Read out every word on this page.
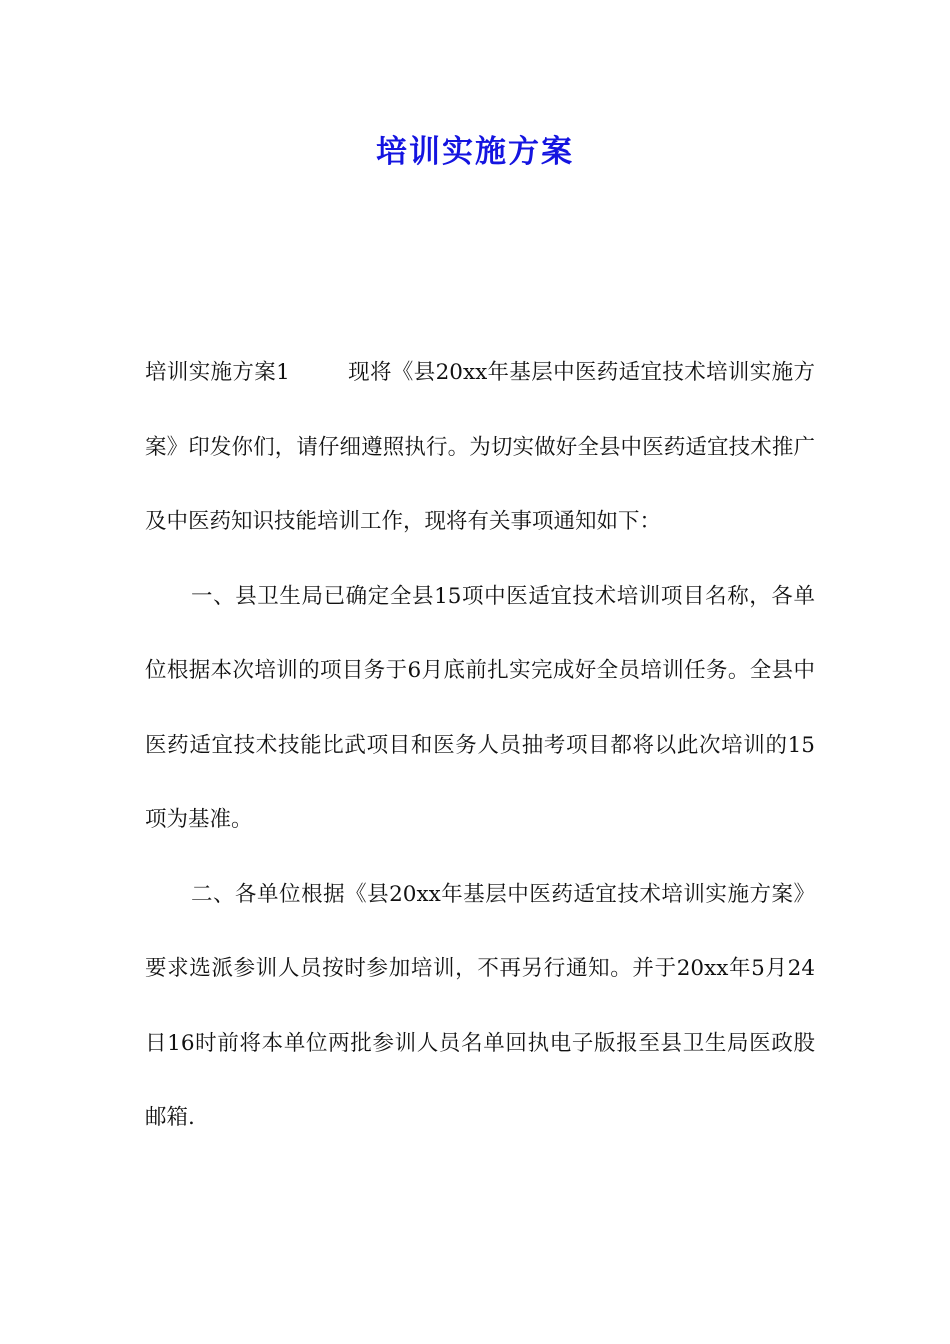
培训实施方案

培训实施方案1	现将《县20xx年基层中医药适宜技术培训实施方案》印发你们，请仔细遵照执行。为切实做好全县中医药适宜技术推广及中医药知识技能培训工作，现将有关事项通知如下：

一、县卫生局已确定全县15项中医适宜技术培训项目名称，各单位根据本次培训的项目务于6月底前扎实完成好全员培训任务。全县中医药适宜技术技能比武项目和医务人员抽考项目都将以此次培训的15项为基准。

二、各单位根据《县20xx年基层中医药适宜技术培训实施方案》要求选派参训人员按时参加培训，不再另行通知。并于20xx年5月24日16时前将本单位两批参训人员名单回执电子版报至县卫生局医政股邮箱.
